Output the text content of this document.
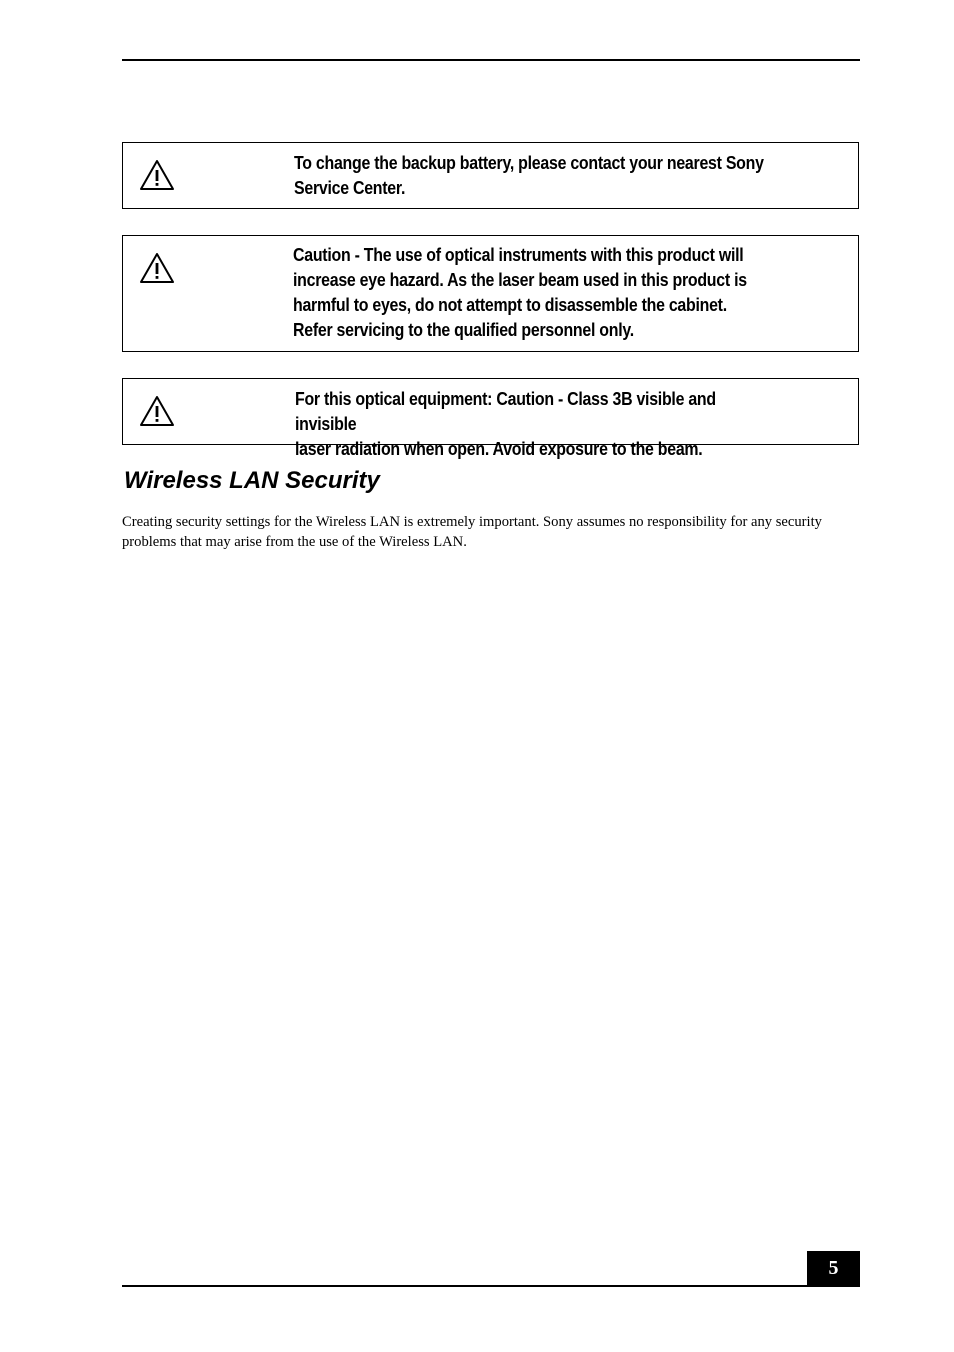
To change the backup battery, please contact your nearest Sony
Service Center.
Caution - The use of optical instruments with this product will
increase eye hazard. As the laser beam used in this product is
harmful to eyes, do not attempt to disassemble the cabinet.
Refer servicing to the qualified personnel only.
For this optical equipment: Caution - Class 3B visible and invisible
laser radiation when open. Avoid exposure to the beam.
Wireless LAN Security

Creating security settings for the Wireless LAN is extremely important. Sony assumes no responsibility for any security problems that may arise from the use of the Wireless LAN.

5
